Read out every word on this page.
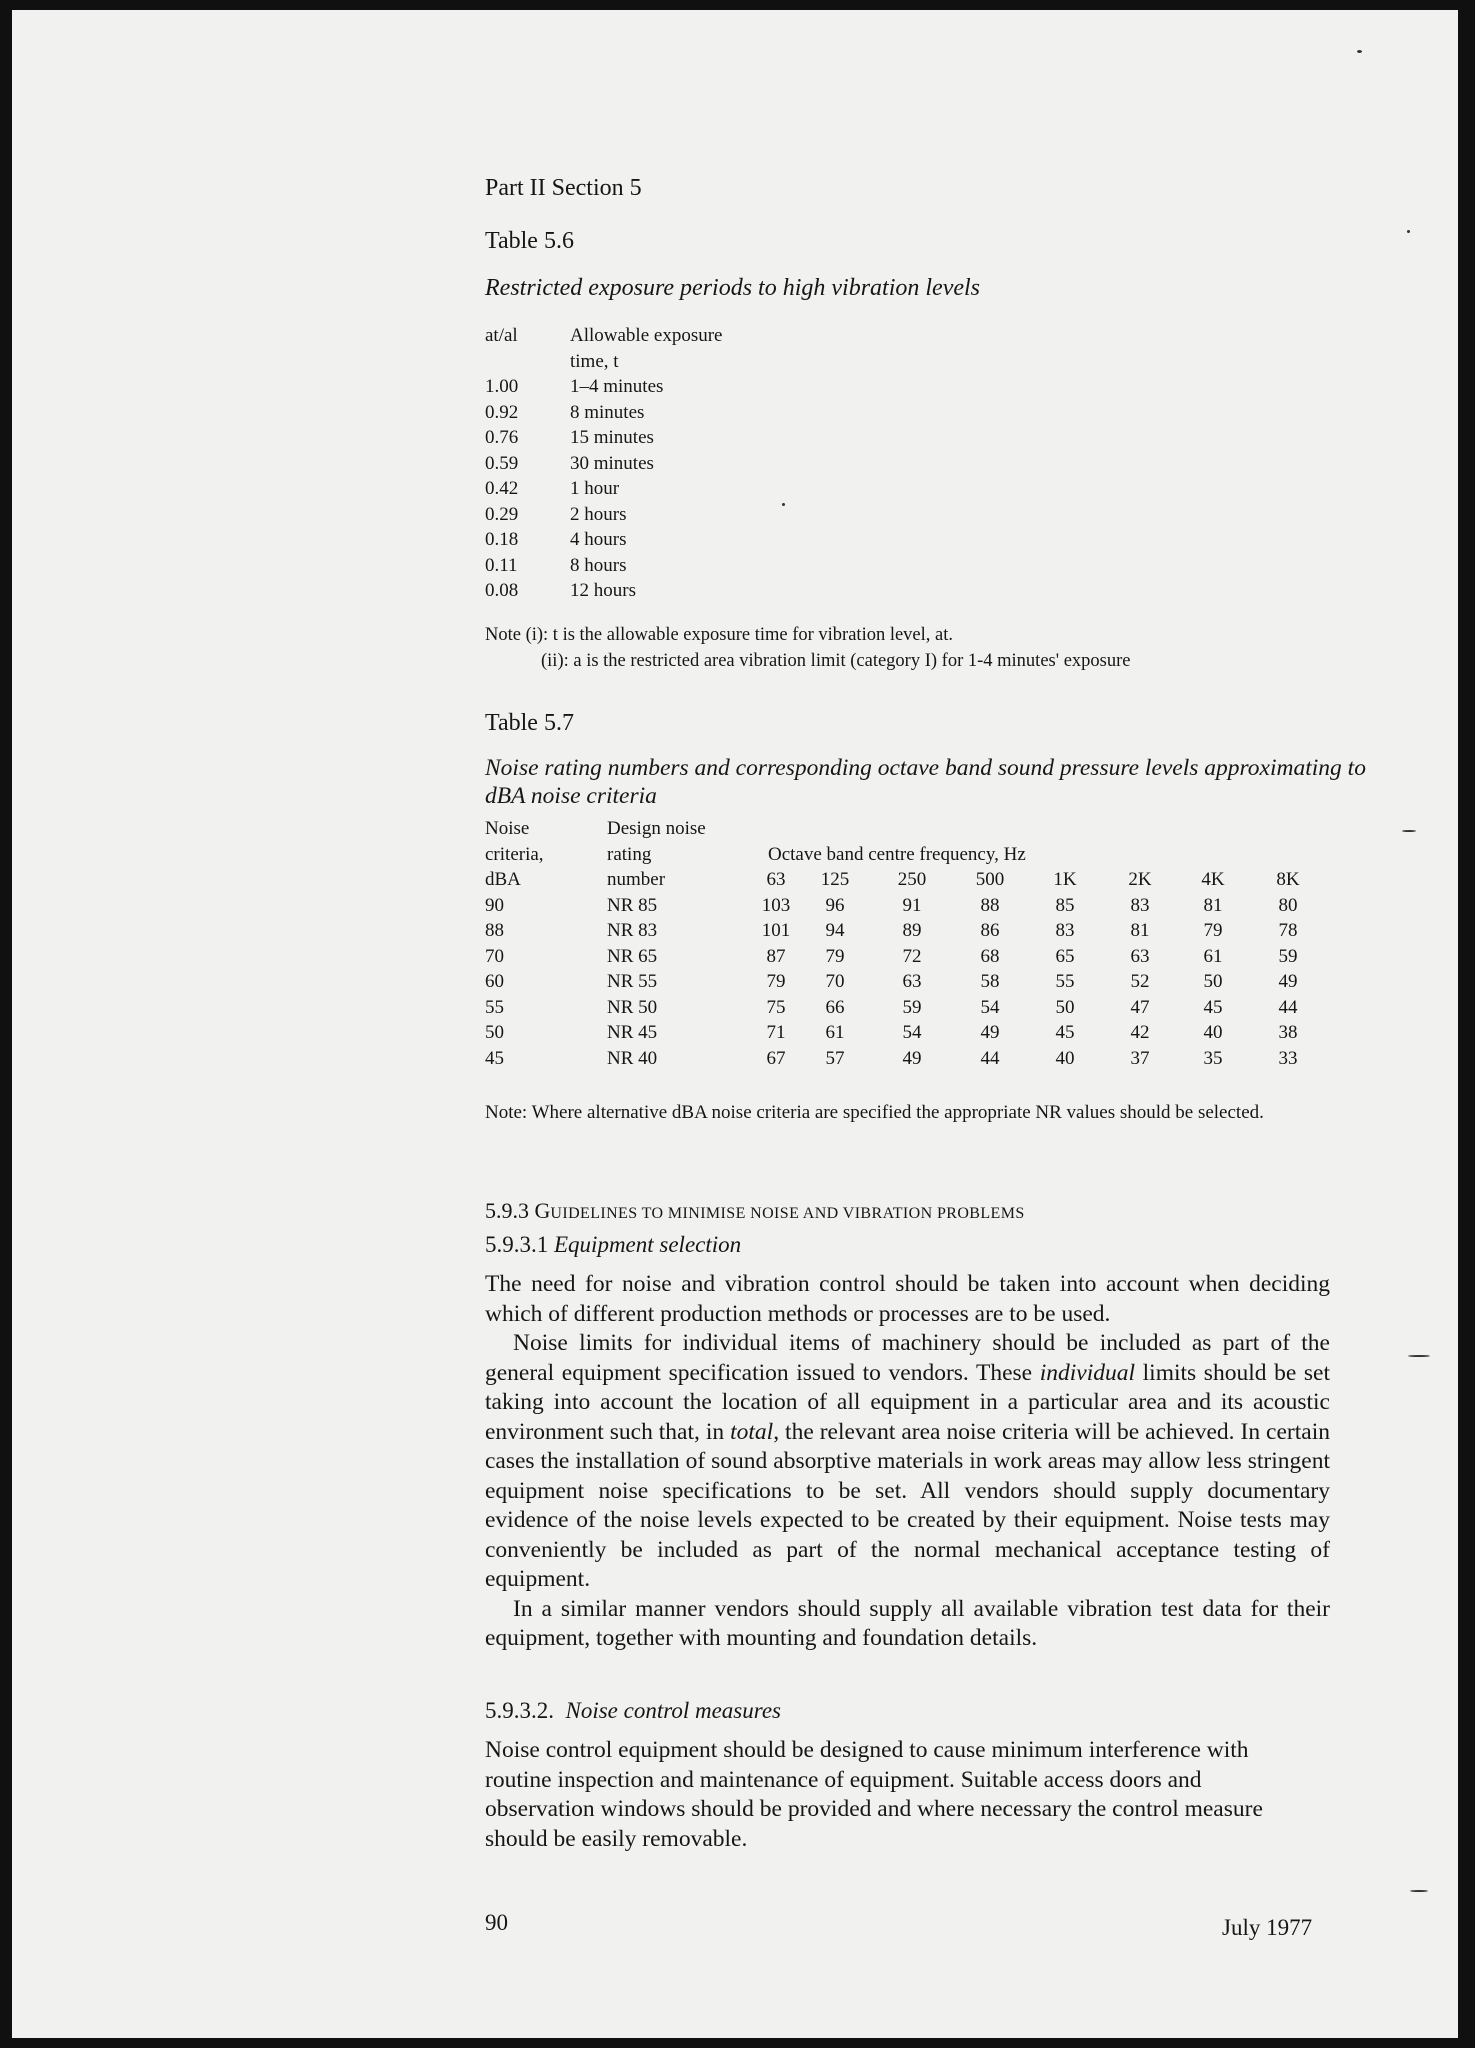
Part II Section 5
Table 5.6
Restricted exposure periods to high vibration levels
at/al	Allowable exposure
time, t
1.00	1–4 minutes
0.92	8 minutes
0.76	15 minutes
0.59	30 minutes
0.42	1 hour
0.29	2 hours
0.18	4 hours
0.11	8 hours
0.08	12 hours
Note (i): t is the allowable exposure time for vibration level, at.
(ii): a is the restricted area vibration limit (category I) for 1-4 minutes' exposure
Table 5.7
Noise rating numbers and corresponding octave band sound pressure levels approximating to dBA noise criteria
Noise	Design noise
criteria,	rating	Octave band centre frequency, Hz
dBA	number	63	125	250	500	1K	2K	4K	8K
90	NR 85	103	96	91	88	85	83	81	80
88	NR 83	101	94	89	86	83	81	79	78
70	NR 65	87	79	72	68	65	63	61	59
60	NR 55	79	70	63	58	55	52	50	49
55	NR 50	75	66	59	54	50	47	45	44
50	NR 45	71	61	54	49	45	42	40	38
45	NR 40	67	57	49	44	40	37	35	33
Note: Where alternative dBA noise criteria are specified the appropriate NR values should be selected.
5.9.3 GUIDELINES TO MINIMISE NOISE AND VIBRATION PROBLEMS
5.9.3.1 Equipment selection

The need for noise and vibration control should be taken into account when deciding which of different production methods or processes are to be used.

Noise limits for individual items of machinery should be included as part of the general equipment specification issued to vendors. These individual limits should be set taking into account the location of all equipment in a particular area and its acoustic environment such that, in total, the relevant area noise criteria will be achieved. In certain cases the installation of sound absorptive materials in work areas may allow less stringent equipment noise specifications to be set. All vendors should supply documentary evidence of the noise levels expected to be created by their equipment. Noise tests may conveniently be included as part of the normal mechanical acceptance testing of equipment.

In a similar manner vendors should supply all available vibration test data for their equipment, together with mounting and foundation details.

5.9.3.2. Noise control measures
Noise control equipment should be designed to cause minimum interference with routine inspection and maintenance of equipment. Suitable access doors and observation windows should be provided and where necessary the control measure should be easily removable.
90	July 1977
